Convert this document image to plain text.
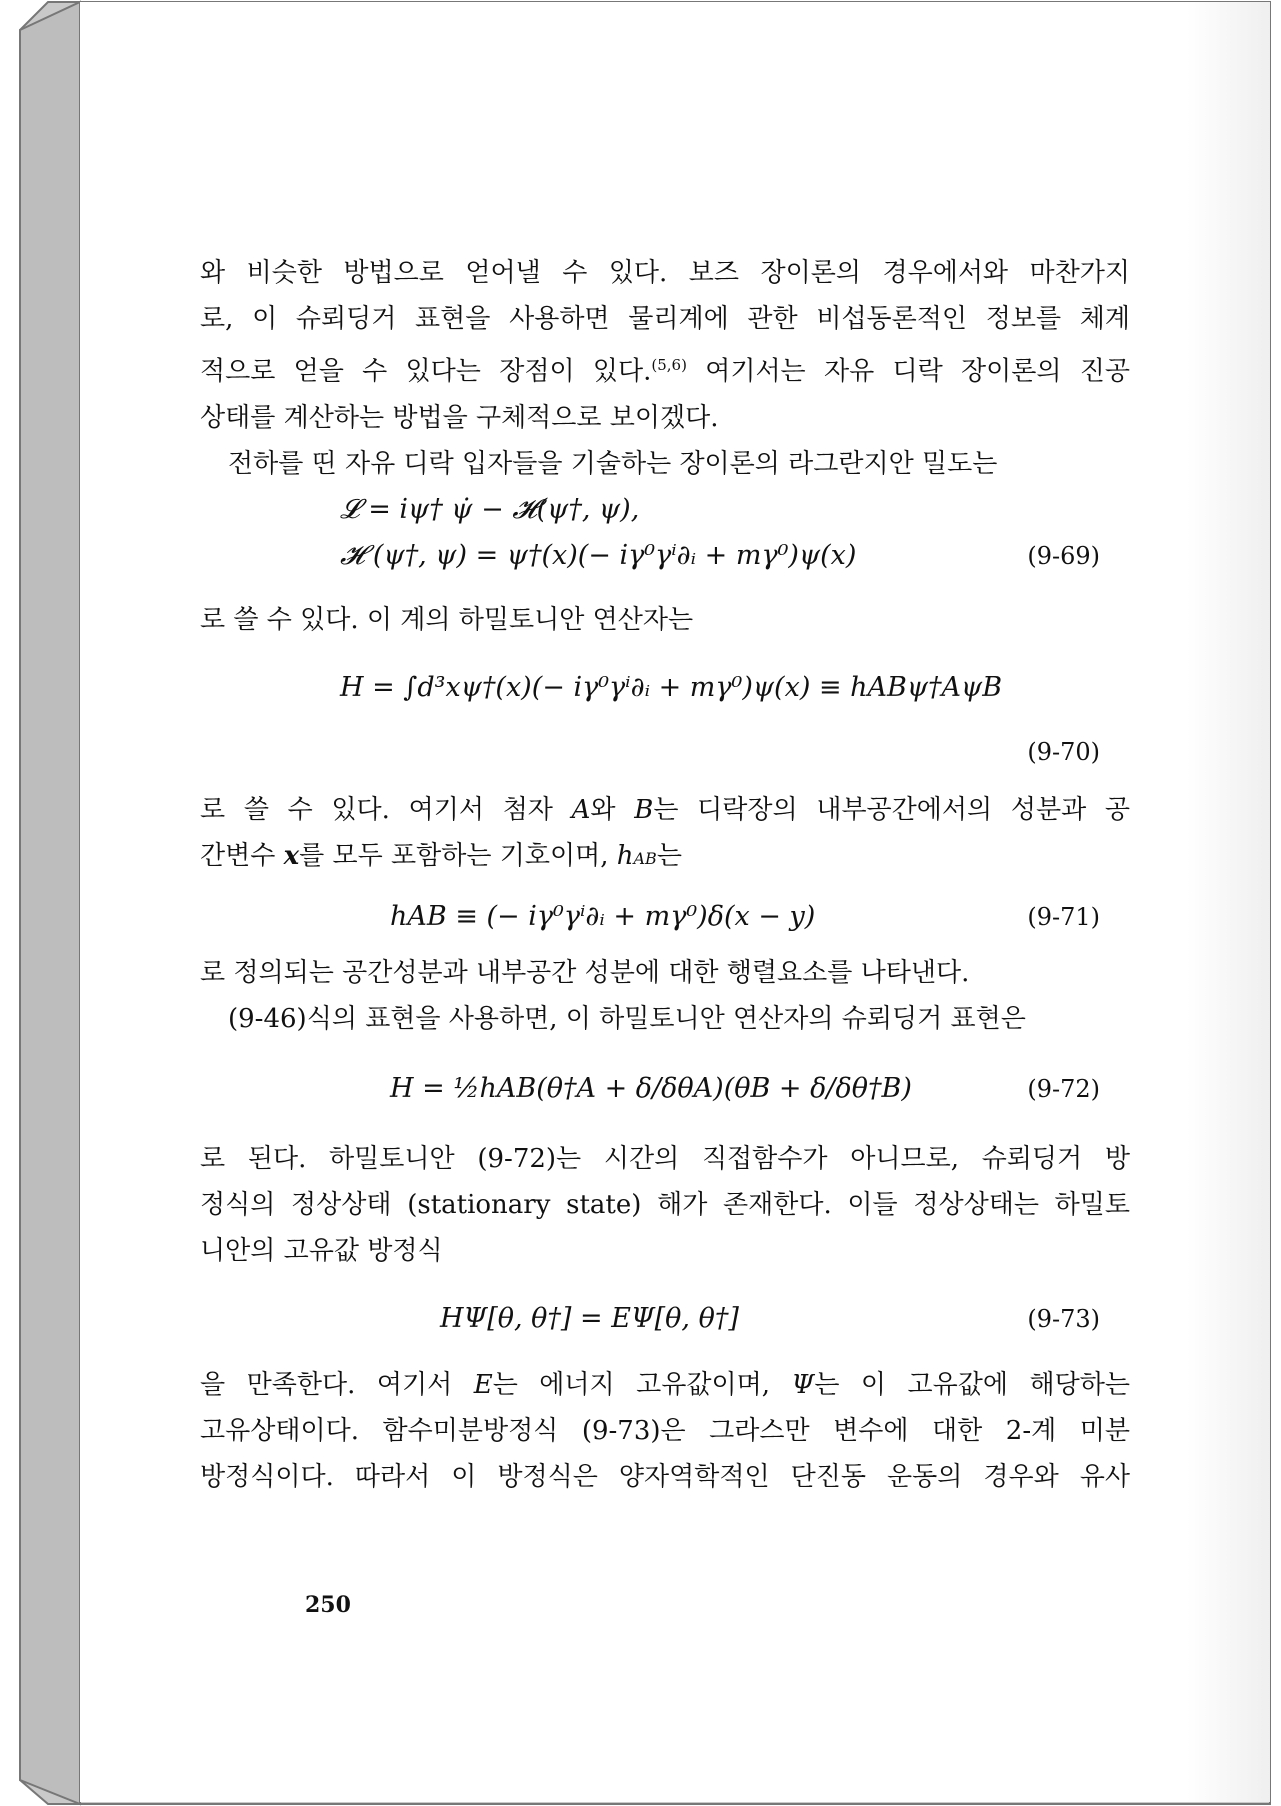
와 비슷한 방법으로 얻어낼 수 있다. 보즈 장이론의 경우에서와 마찬가지

로, 이 슈뢰딩거 표현을 사용하면 물리계에 관한 비섭동론적인 정보를 체계

적으로 얻을 수 있다는 장점이 있다.$^{(5,6)}$ 여기서는 자유 디락 장이론의 진공

상태를 계산하는 방법을 구체적으로 보이겠다.

전하를 띤 자유 디락 입자들을 기술하는 장이론의 라그란지안 밀도는

𝓛 = iψ† ψ̇ − 𝓗(ψ†, ψ),
𝓗 (ψ†, ψ) = ψ†(x)(− iγ⁰γⁱ∂ᵢ + mγ⁰)ψ(x)	(9-69)

로 쓸 수 있다. 이 계의 하밀토니안 연산자는

H = ∫d³xψ†(x)(− iγ⁰γⁱ∂ᵢ + mγ⁰)ψ(x) ≡ hABψ†AψB
(9-70)

로 쓸 수 있다. 여기서 첨자 A와 B는 디락장의 내부공간에서의 성분과 공

간변수 x를 모두 포함하는 기호이며, hAB는

hAB ≡ (− iγ⁰γⁱ∂ᵢ + mγ⁰)δ(x − y)	(9-71)

로 정의되는 공간성분과 내부공간 성분에 대한 행렬요소를 나타낸다.

(9-46)식의 표현을 사용하면, 이 하밀토니안 연산자의 슈뢰딩거 표현은

H = ½hAB(θ†A + δ/δθA)(θB + δ/δθ†B)	(9-72)

로 된다. 하밀토니안 (9-72)는 시간의 직접함수가 아니므로, 슈뢰딩거 방

정식의 정상상태 (stationary state) 해가 존재한다. 이들 정상상태는 하밀토

니안의 고유값 방정식

HΨ[θ, θ†] = EΨ[θ, θ†]	(9-73)

을 만족한다. 여기서 E는 에너지 고유값이며, Ψ는 이 고유값에 해당하는

고유상태이다. 함수미분방정식 (9-73)은 그라스만 변수에 대한 2-계 미분

방정식이다. 따라서 이 방정식은 양자역학적인 단진동 운동의 경우와 유사

250
